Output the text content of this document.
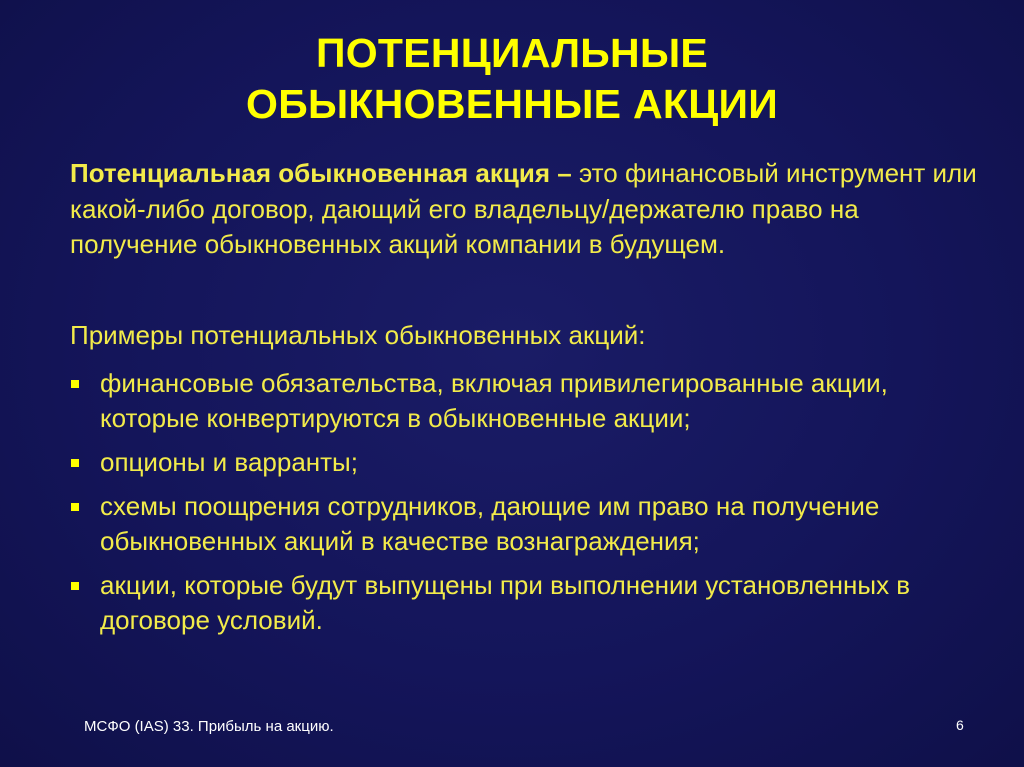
ПОТЕНЦИАЛЬНЫЕ
ОБЫКНОВЕННЫЕ АКЦИИ
Потенциальная обыкновенная акция – это финансовый инструмент или какой-либо договор, дающий его владельцу/держателю право на получение обыкновенных акций компании в будущем.
Примеры потенциальных обыкновенных акций:
финансовые обязательства, включая привилегированные акции, которые конвертируются в обыкновенные акции;
опционы и варранты;
схемы поощрения сотрудников, дающие им право на получение обыкновенных акций в качестве вознаграждения;
акции, которые будут выпущены при выполнении установленных в договоре условий.
МСФО (IAS) 33. Прибыль на акцию.	6
